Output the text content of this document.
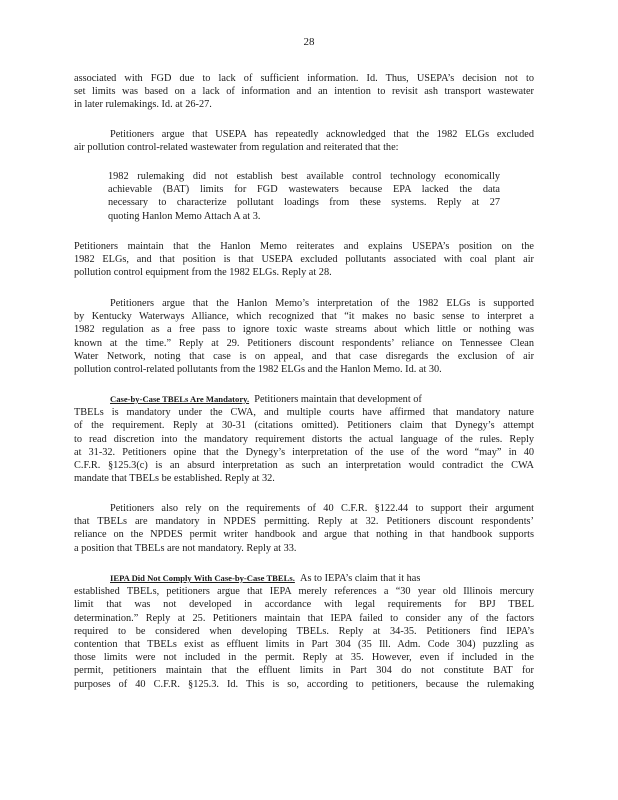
28
associated with FGD due to lack of sufficient information. Id. Thus, USEPA’s decision not to
set limits was based on a lack of information and an intention to revisit ash transport wastewater
in later rulemakings. Id. at 26-27.
Petitioners argue that USEPA has repeatedly acknowledged that the 1982 ELGs excluded
air pollution control-related wastewater from regulation and reiterated that the:
1982 rulemaking did not establish best available control technology economically
achievable (BAT) limits for FGD wastewaters because EPA lacked the data
necessary to characterize pollutant loadings from these systems. Reply at 27
quoting Hanlon Memo Attach A at 3.
Petitioners maintain that the Hanlon Memo reiterates and explains USEPA’s position on the
1982 ELGs, and that position is that USEPA excluded pollutants associated with coal plant air
pollution control equipment from the 1982 ELGs. Reply at 28.
Petitioners argue that the Hanlon Memo’s interpretation of the 1982 ELGs is supported
by Kentucky Waterways Alliance, which recognized that “it makes no basic sense to interpret a
1982 regulation as a free pass to ignore toxic waste streams about which little or nothing was
known at the time.” Reply at 29. Petitioners discount respondents’ reliance on Tennessee Clean
Water Network, noting that case is on appeal, and that case disregards the exclusion of air
pollution control-related pollutants from the 1982 ELGs and the Hanlon Memo. Id. at 30.
Case-by-Case TBELs Are Mandatory. Petitioners maintain that development of
TBELs is mandatory under the CWA, and multiple courts have affirmed that mandatory nature
of the requirement. Reply at 30-31 (citations omitted). Petitioners claim that Dynegy’s attempt
to read discretion into the mandatory requirement distorts the actual language of the rules. Reply
at 31-32. Petitioners opine that the Dynegy’s interpretation of the use of the word “may” in 40
C.F.R. §125.3(c) is an absurd interpretation as such an interpretation would contradict the CWA
mandate that TBELs be established. Reply at 32.
Petitioners also rely on the requirements of 40 C.F.R. §122.44 to support their argument
that TBELs are mandatory in NPDES permitting. Reply at 32. Petitioners discount respondents’
reliance on the NPDES permit writer handbook and argue that nothing in that handbook supports
a position that TBELs are not mandatory. Reply at 33.
IEPA Did Not Comply With Case-by-Case TBELs. As to IEPA’s claim that it has
established TBELs, petitioners argue that IEPA merely references a “30 year old Illinois mercury
limit that was not developed in accordance with legal requirements for BPJ TBEL
determination.” Reply at 25. Petitioners maintain that IEPA failed to consider any of the factors
required to be considered when developing TBELs. Reply at 34-35. Petitioners find IEPA’s
contention that TBELs exist as effluent limits in Part 304 (35 Ill. Adm. Code 304) puzzling as
those limits were not included in the permit. Reply at 35. However, even if included in the
permit, petitioners maintain that the effluent limits in Part 304 do not constitute BAT for
purposes of 40 C.F.R. §125.3. Id. This is so, according to petitioners, because the rulemaking
